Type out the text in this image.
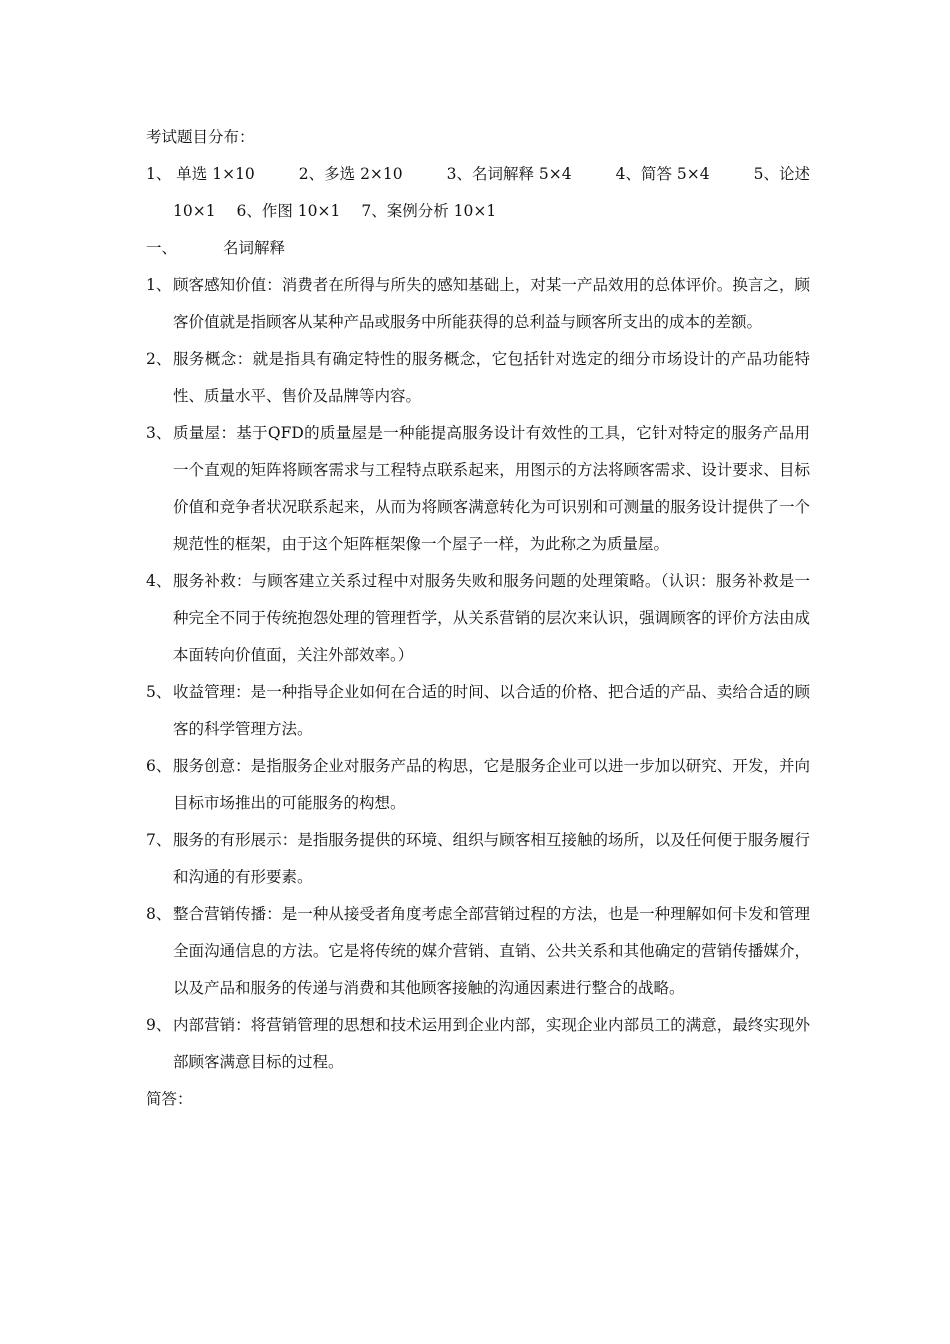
考试题目分布：
1、 单选 1×10	2、多选 2×10	3、名词解释 5×4	4、简答 5×4	5、论述
10×1 6、作图 10×1 7、案例分析 10×1
一、	名词解释
1、 顾客感知价值：消费者在所得与所失的感知基础上，对某一产品效用的总体评价。换言之，顾客价值就是指顾客从某种产品或服务中所能获得的总利益与顾客所支出的成本的差额。
2、 服务概念：就是指具有确定特性的服务概念，它包括针对选定的细分市场设计的产品功能特性、质量水平、售价及品牌等内容。
3、 质量屋：基于QFD的质量屋是一种能提高服务设计有效性的工具，它针对特定的服务产品用一个直观的矩阵将顾客需求与工程特点联系起来，用图示的方法将顾客需求、设计要求、目标价值和竞争者状况联系起来，从而为将顾客满意转化为可识别和可测量的服务设计提供了一个规范性的框架，由于这个矩阵框架像一个屋子一样，为此称之为质量屋。
4、 服务补救：与顾客建立关系过程中对服务失败和服务问题的处理策略。（认识：服务补救是一种完全不同于传统抱怨处理的管理哲学，从关系营销的层次来认识，强调顾客的评价方法由成本面转向价值面，关注外部效率。）
5、 收益管理：是一种指导企业如何在合适的时间、以合适的价格、把合适的产品、卖给合适的顾客的科学管理方法。
6、 服务创意：是指服务企业对服务产品的构思，它是服务企业可以进一步加以研究、开发，并向目标市场推出的可能服务的构想。
7、 服务的有形展示：是指服务提供的环境、组织与顾客相互接触的场所，以及任何便于服务履行和沟通的有形要素。
8、 整合营销传播：是一种从接受者角度考虑全部营销过程的方法，也是一种理解如何卡发和管理全面沟通信息的方法。它是将传统的媒介营销、直销、公共关系和其他确定的营销传播媒介，以及产品和服务的传递与消费和其他顾客接触的沟通因素进行整合的战略。
9、 内部营销：将营销管理的思想和技术运用到企业内部，实现企业内部员工的满意，最终实现外部顾客满意目标的过程。
简答：
